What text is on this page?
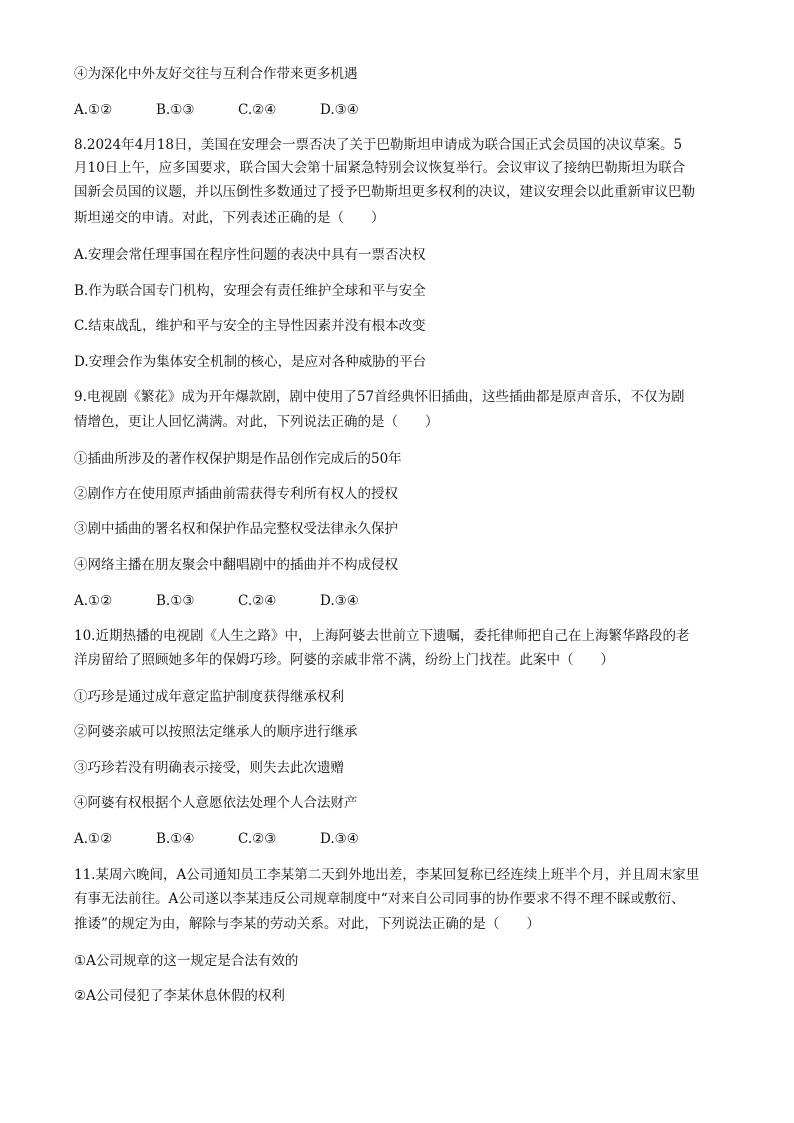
④为深化中外友好交往与互利合作带来更多机遇
A.①②	B.①③	C.②④	D.③④
8.2024年4月18日，美国在安理会一票否决了关于巴勒斯坦申请成为联合国正式会员国的决议草案。5
月10日上午，应多国要求，联合国大会第十届紧急特别会议恢复举行。会议审议了接纳巴勒斯坦为联合
国新会员国的议题，并以压倒性多数通过了授予巴勒斯坦更多权利的决议，建议安理会以此重新审议巴勒
斯坦递交的申请。对此，下列表述正确的是（　　）
A.安理会常任理事国在程序性问题的表决中具有一票否决权
B.作为联合国专门机构，安理会有责任维护全球和平与安全
C.结束战乱，维护和平与安全的主导性因素并没有根本改变
D.安理会作为集体安全机制的核心，是应对各种威胁的平台
9.电视剧《繁花》成为开年爆款剧，剧中使用了57首经典怀旧插曲，这些插曲都是原声音乐，不仅为剧
情增色，更让人回忆满满。对此，下列说法正确的是（　　）
①插曲所涉及的著作权保护期是作品创作完成后的50年
②剧作方在使用原声插曲前需获得专利所有权人的授权
③剧中插曲的署名权和保护作品完整权受法律永久保护
④网络主播在朋友聚会中翻唱剧中的插曲并不构成侵权
A.①②	B.①③	C.②④	D.③④
10.近期热播的电视剧《人生之路》中，上海阿婆去世前立下遗嘱，委托律师把自己在上海繁华路段的老
洋房留给了照顾她多年的保姆巧珍。阿婆的亲戚非常不满，纷纷上门找茬。此案中（　　）
①巧珍是通过成年意定监护制度获得继承权利
②阿婆亲戚可以按照法定继承人的顺序进行继承
③巧珍若没有明确表示接受，则失去此次遗赠
④阿婆有权根据个人意愿依法处理个人合法财产
A.①②	B.①④	C.②③	D.③④
11.某周六晚间，A公司通知员工李某第二天到外地出差，李某回复称已经连续上班半个月，并且周末家里
有事无法前往。A公司遂以李某违反公司规章制度中“对来自公司同事的协作要求不得不理不睬或敷衍、
推诿”的规定为由，解除与李某的劳动关系。对此，下列说法正确的是（　　）
①A公司规章的这一规定是合法有效的
②A公司侵犯了李某休息休假的权利
